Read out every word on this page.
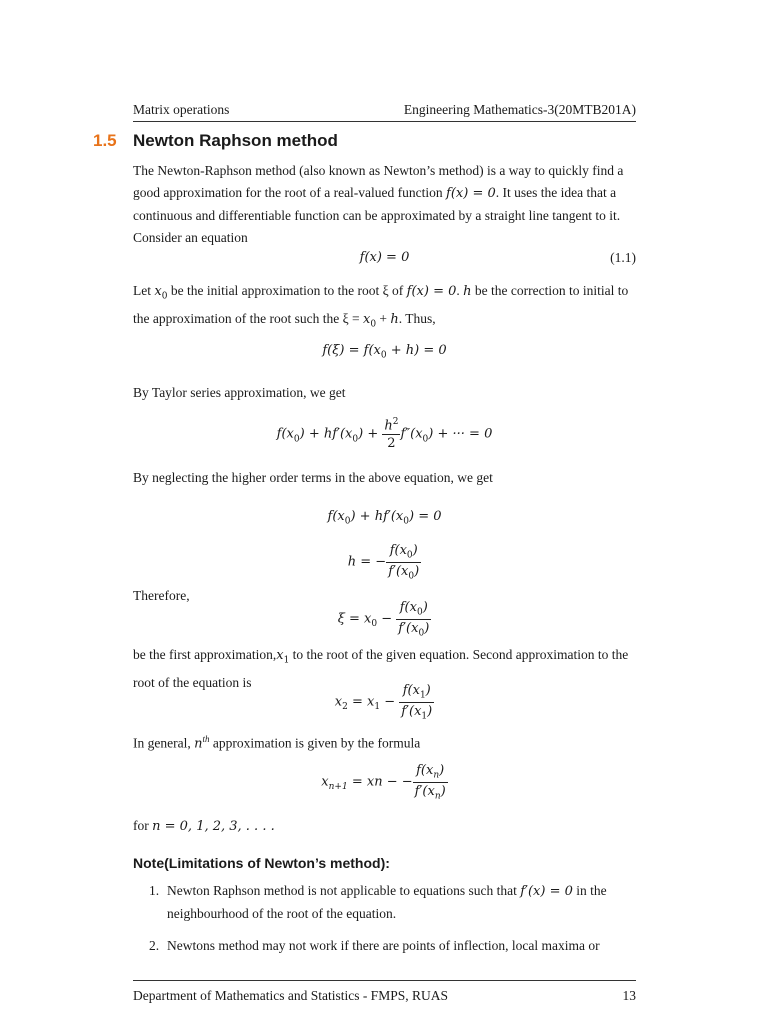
Matrix operations	Engineering Mathematics-3(20MTB201A)
1.5 Newton Raphson method

The Newton-Raphson method (also known as Newton’s method) is a way to quickly find a good approximation for the root of a real-valued function f(x) = 0. It uses the idea that a continuous and differentiable function can be approximated by a straight line tangent to it. Consider an equation

f(x) = 0	(1.1)

Let $x_0$ be the initial approximation to the root ξ of f(x) = 0. h be the correction to initial to the approximation of the root such the $\xi = x_0 + h$. Thus,

$f(\xi) = f(x_0 + h) = 0$

By Taylor series approximation, we get

$f(x_0) + hf'(x_0) + \frac{h^2}{2} f''(x_0)$ + ··· = 0

By neglecting the higher order terms in the above equation, we get

$f(x_0) + hf'(x_0) = 0$
h = − $\frac{f(x_0)}{f'(x_0)}$

Therefore,

$\xi = x_0 - \frac{f(x_0)}{f'(x_0)}$

be the first $approximation,x_1$ to the root of the given equation. Second approximation to the root of the equation is

$x_2 = x_1 - \frac{f(x_1)}{f'(x_1)}$

In general, $n^{th}$ approximation is given by the formula

$x_{n+1}$ = xn − − $\frac{f(x_n)}{f'(x_n)}$

for n = 0, 1, 2, 3, . . . .

Note(Limitations of Newton’s method):
1. Newton Raphson method is not applicable to equations such that f′(x) = 0 in the neighbourhood of the root of the equation.
2. Newtons method may not work if there are points of inflection, local maxima or
Department of Mathematics and Statistics - FMPS, RUAS	13
